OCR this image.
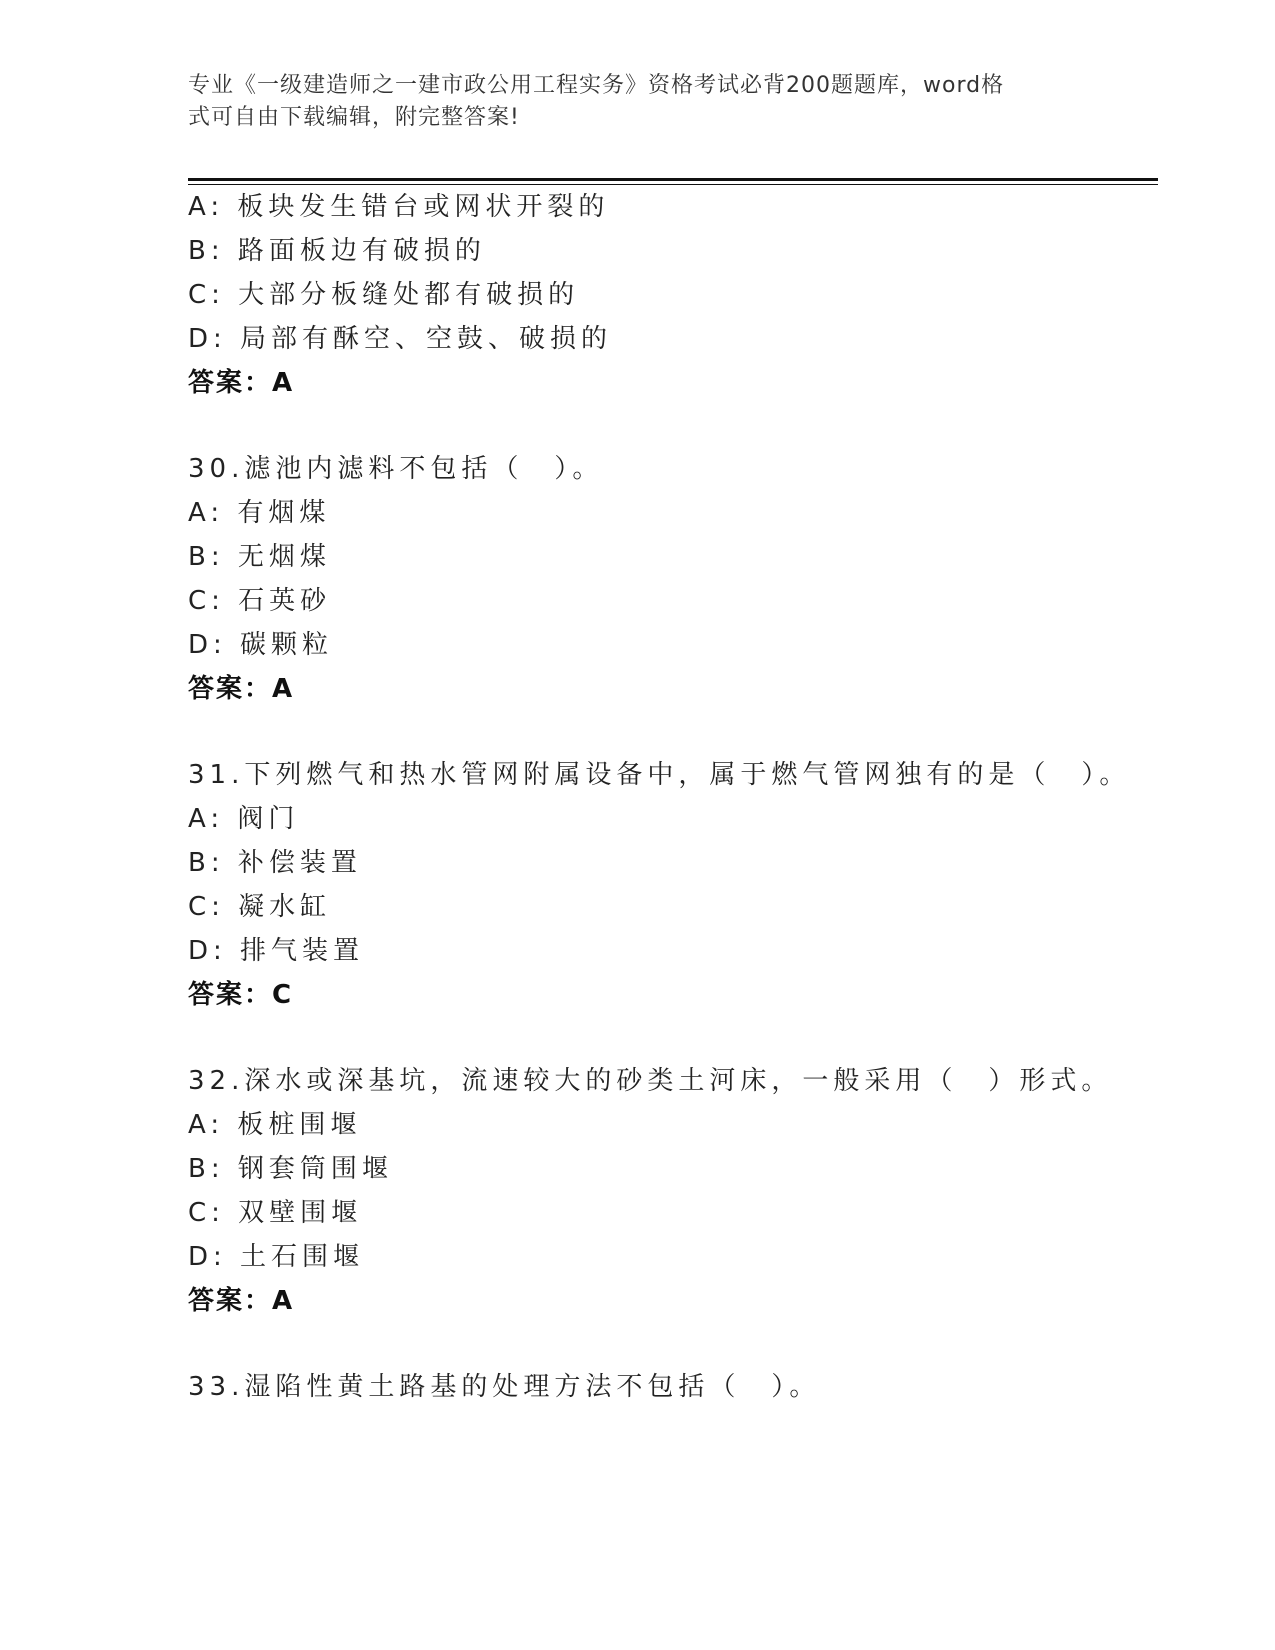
专业《一级建造师之一建市政公用工程实务》资格考试必背200题题库，word格
式可自由下载编辑，附完整答案!
A: 板块发生错台或网状开裂的
B: 路面板边有破损的
C: 大部分板缝处都有破损的
D: 局部有酥空、空鼓、破损的
答案：A
30.滤池内滤料不包括（　）。
A: 有烟煤
B: 无烟煤
C: 石英砂
D: 碳颗粒
答案：A
31.下列燃气和热水管网附属设备中，属于燃气管网独有的是（　）。
A: 阀门
B: 补偿装置
C: 凝水缸
D: 排气装置
答案：C
32.深水或深基坑，流速较大的砂类土河床，一般采用（　）形式。
A: 板桩围堰
B: 钢套筒围堰
C: 双壁围堰
D: 土石围堰
答案：A
33.湿陷性黄土路基的处理方法不包括（　）。
